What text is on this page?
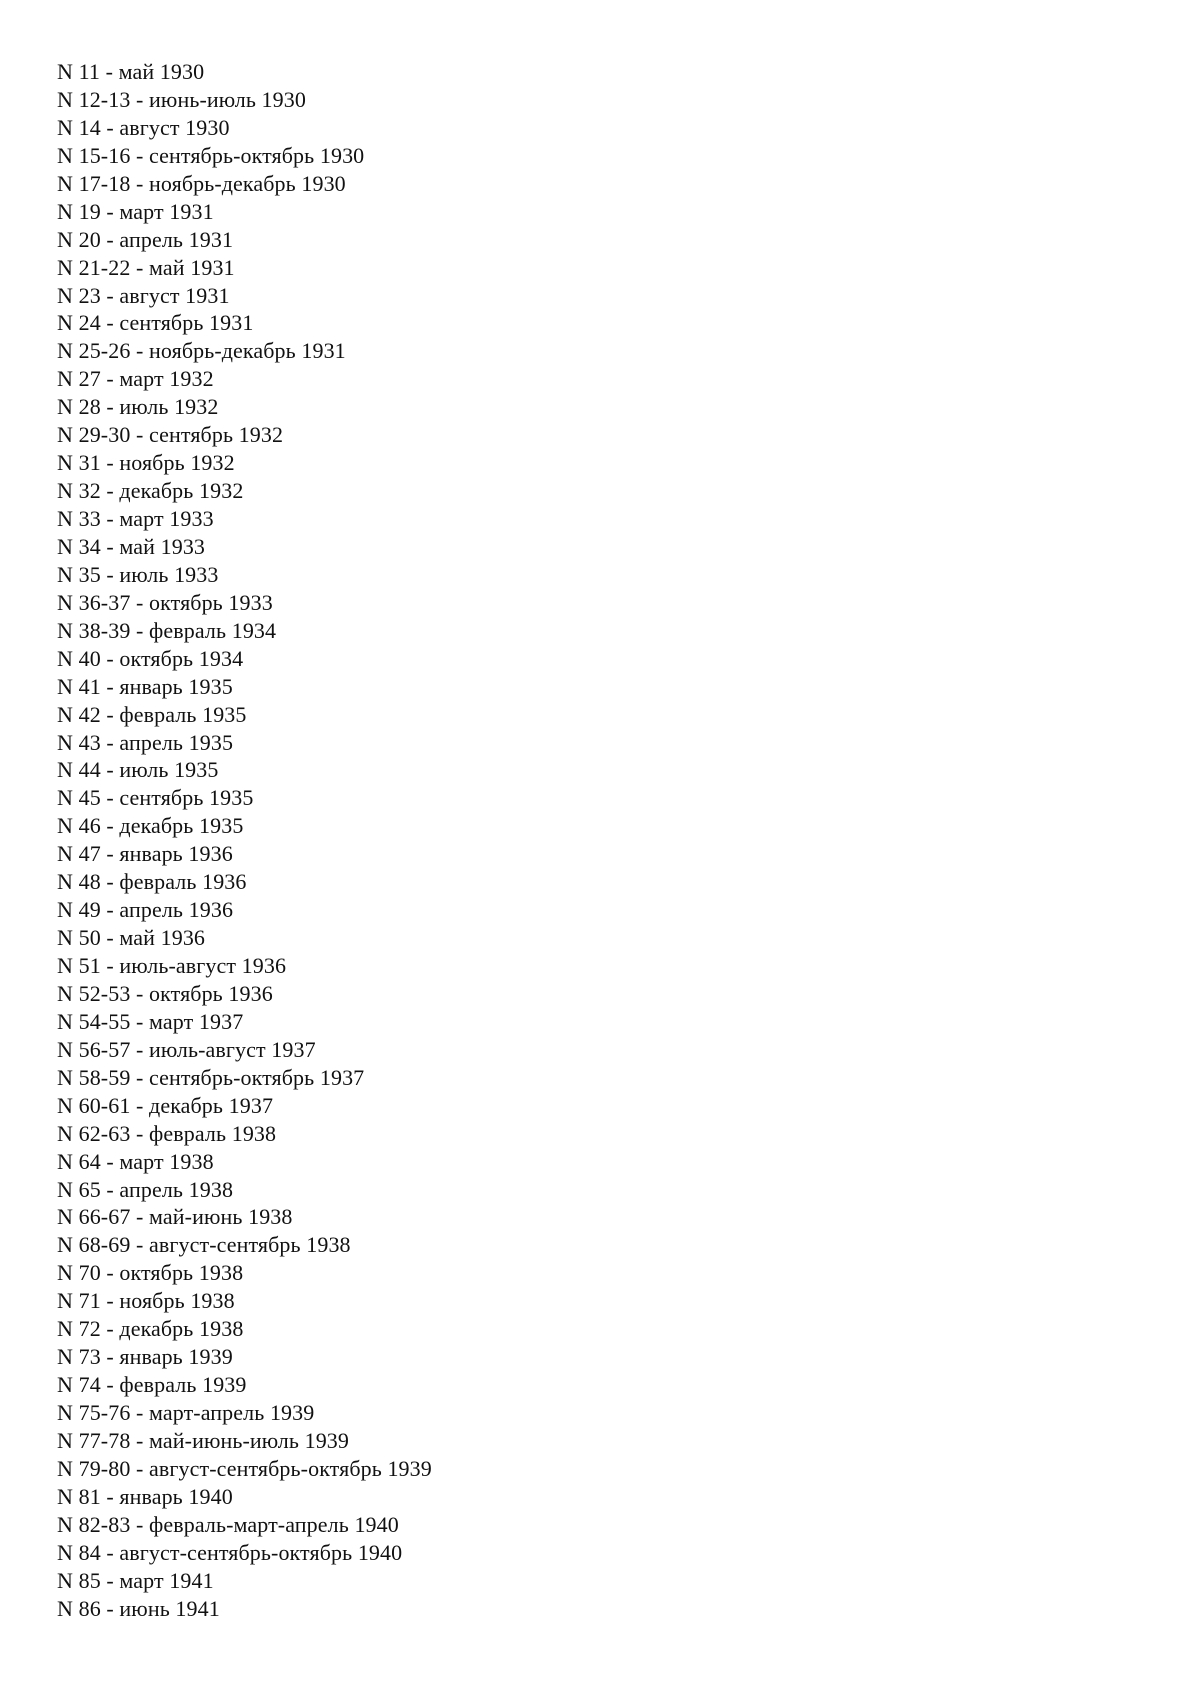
N 11 - май 1930
N 12-13 - июнь-июль 1930
N 14 - август 1930
N 15-16 - сентябрь-октябрь 1930
N 17-18 - ноябрь-декабрь 1930
N 19 - март 1931
N 20 - апрель 1931
N 21-22 - май 1931
N 23 - август 1931
N 24 - сентябрь 1931
N 25-26 - ноябрь-декабрь 1931
N 27 - март 1932
N 28 - июль 1932
N 29-30 - сентябрь 1932
N 31 - ноябрь 1932
N 32 - декабрь 1932
N 33 - март 1933
N 34 - май 1933
N 35 - июль 1933
N 36-37 - октябрь 1933
N 38-39 - февраль 1934
N 40 - октябрь 1934
N 41 - январь 1935
N 42 - февраль 1935
N 43 - апрель 1935
N 44 - июль 1935
N 45 - сентябрь 1935
N 46 - декабрь 1935
N 47 - январь 1936
N 48 - февраль 1936
N 49 - апрель 1936
N 50 - май 1936
N 51 - июль-август 1936
N 52-53 - октябрь 1936
N 54-55 - март 1937
N 56-57 - июль-август 1937
N 58-59 - сентябрь-октябрь 1937
N 60-61 - декабрь 1937
N 62-63 - февраль 1938
N 64 - март 1938
N 65 - апрель 1938
N 66-67 - май-июнь 1938
N 68-69 - август-сентябрь 1938
N 70 - октябрь 1938
N 71 - ноябрь 1938
N 72 - декабрь 1938
N 73 - январь 1939
N 74 - февраль 1939
N 75-76 - март-апрель 1939
N 77-78 - май-июнь-июль 1939
N 79-80 - август-сентябрь-октябрь 1939
N 81 - январь 1940
N 82-83 - февраль-март-апрель 1940
N 84 - август-сентябрь-октябрь 1940
N 85 - март 1941
N 86 - июнь 1941
